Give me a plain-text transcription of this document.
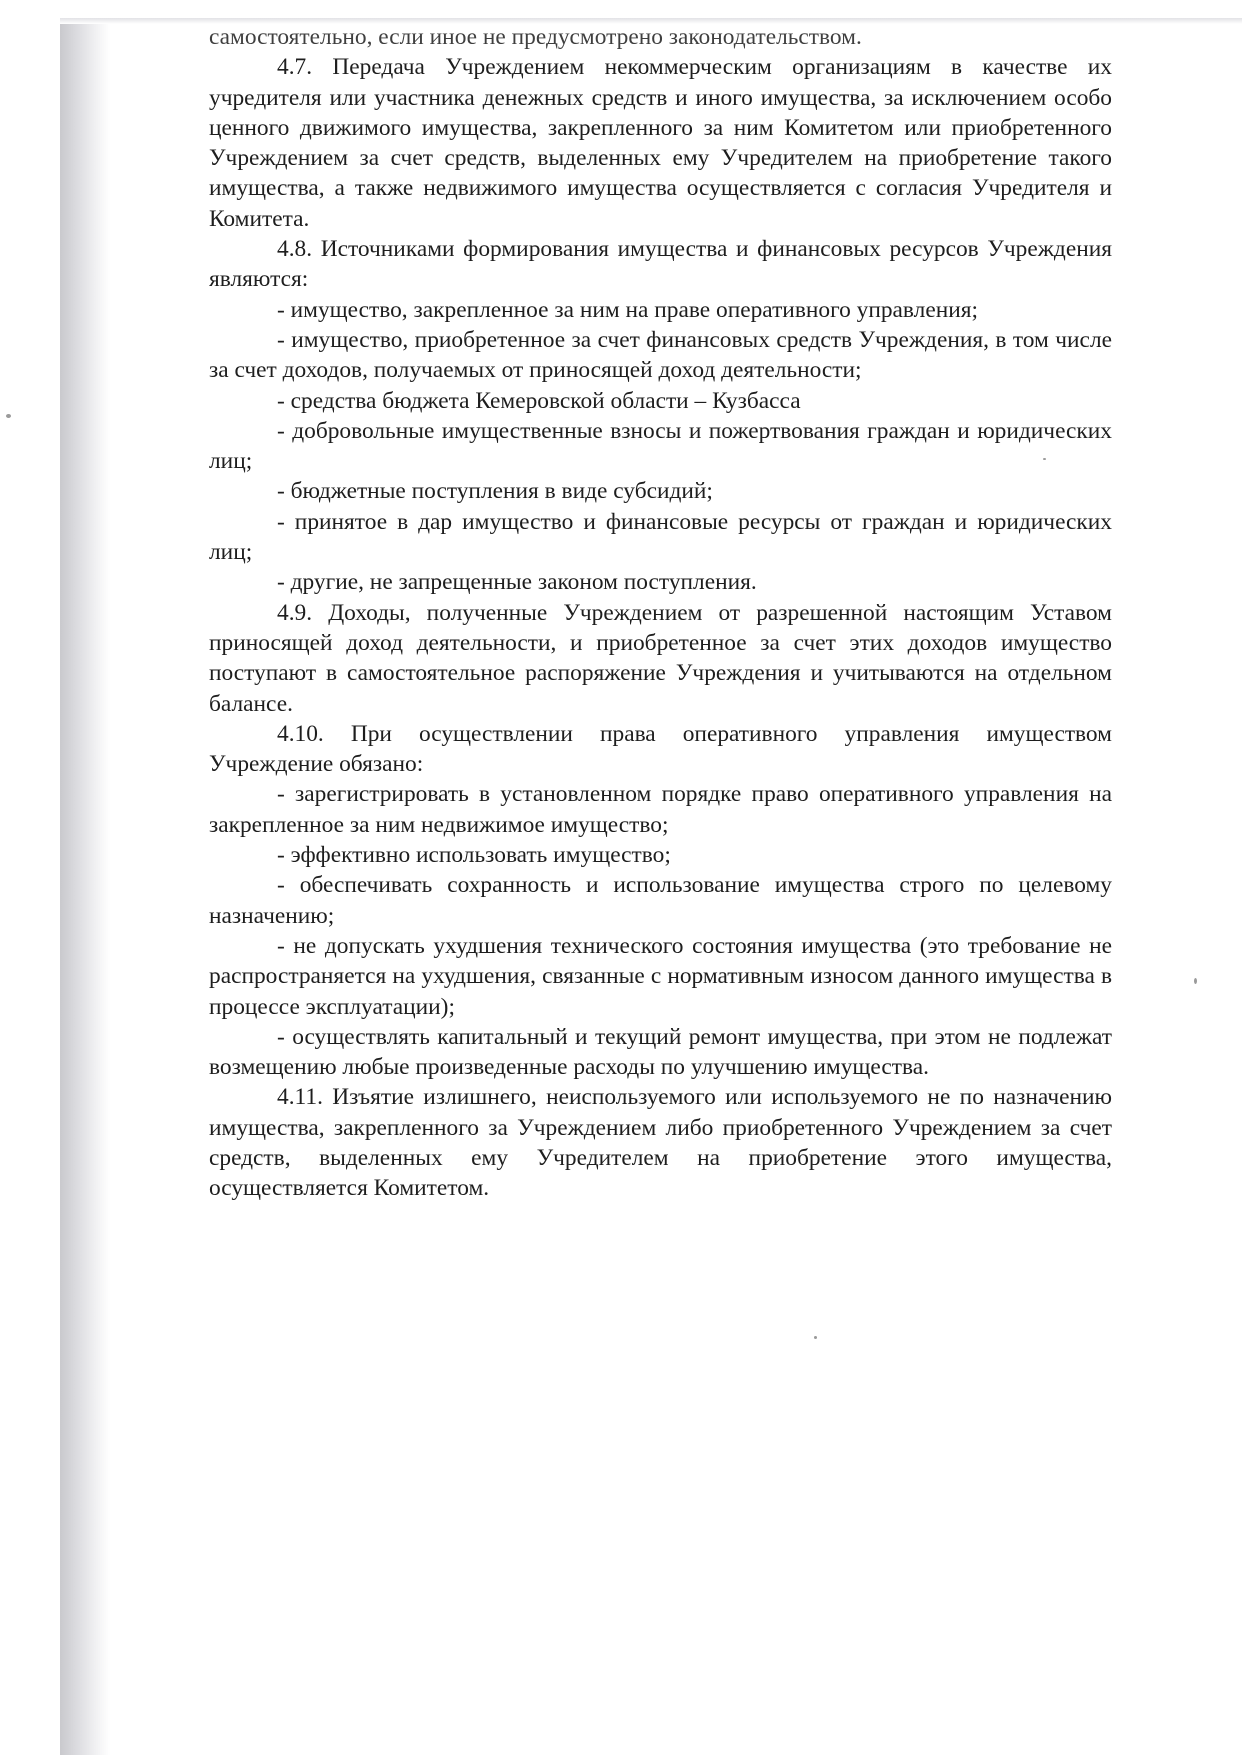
самостоятельно, если иное не предусмотрено законодательством.

4.7. Передача Учреждением некоммерческим организациям в качестве их учредителя или участника денежных средств и иного имущества, за исключением особо ценного движимого имущества, закрепленного за ним Комитетом или приобретенного Учреждением за счет средств, выделенных ему Учредителем на приобретение такого имущества, а также недвижимого имущества осуществляется с согласия Учредителя и Комитета.

4.8. Источниками формирования имущества и финансовых ресурсов Учреждения являются:

- имущество, закрепленное за ним на праве оперативного управления;

- имущество, приобретенное за счет финансовых средств Учреждения, в том числе за счет доходов, получаемых от приносящей доход деятельности;

- средства бюджета Кемеровской области – Кузбасса

- добровольные имущественные взносы и пожертвования граждан и юридических лиц;

- бюджетные поступления в виде субсидий;

- принятое в дар имущество и финансовые ресурсы от граждан и юридических лиц;

- другие, не запрещенные законом поступления.

4.9. Доходы, полученные Учреждением от разрешенной настоящим Уставом приносящей доход деятельности, и приобретенное за счет этих доходов имущество поступают в самостоятельное распоряжение Учреждения и учитываются на отдельном балансе.

4.10. При осуществлении права оперативного управления имуществом Учреждение обязано:

- зарегистрировать в установленном порядке право оперативного управления на закрепленное за ним недвижимое имущество;

- эффективно использовать имущество;

- обеспечивать сохранность и использование имущества строго по целевому назначению;

- не допускать ухудшения технического состояния имущества (это требование не распространяется на ухудшения, связанные с нормативным износом данного имущества в процессе эксплуатации);

- осуществлять капитальный и текущий ремонт имущества, при этом не подлежат возмещению любые произведенные расходы по улучшению имущества.

4.11. Изъятие излишнего, неиспользуемого или используемого не по назначению имущества, закрепленного за Учреждением либо приобретенного Учреждением за счет средств, выделенных ему Учредителем на приобретение этого имущества, осуществляется Комитетом.
